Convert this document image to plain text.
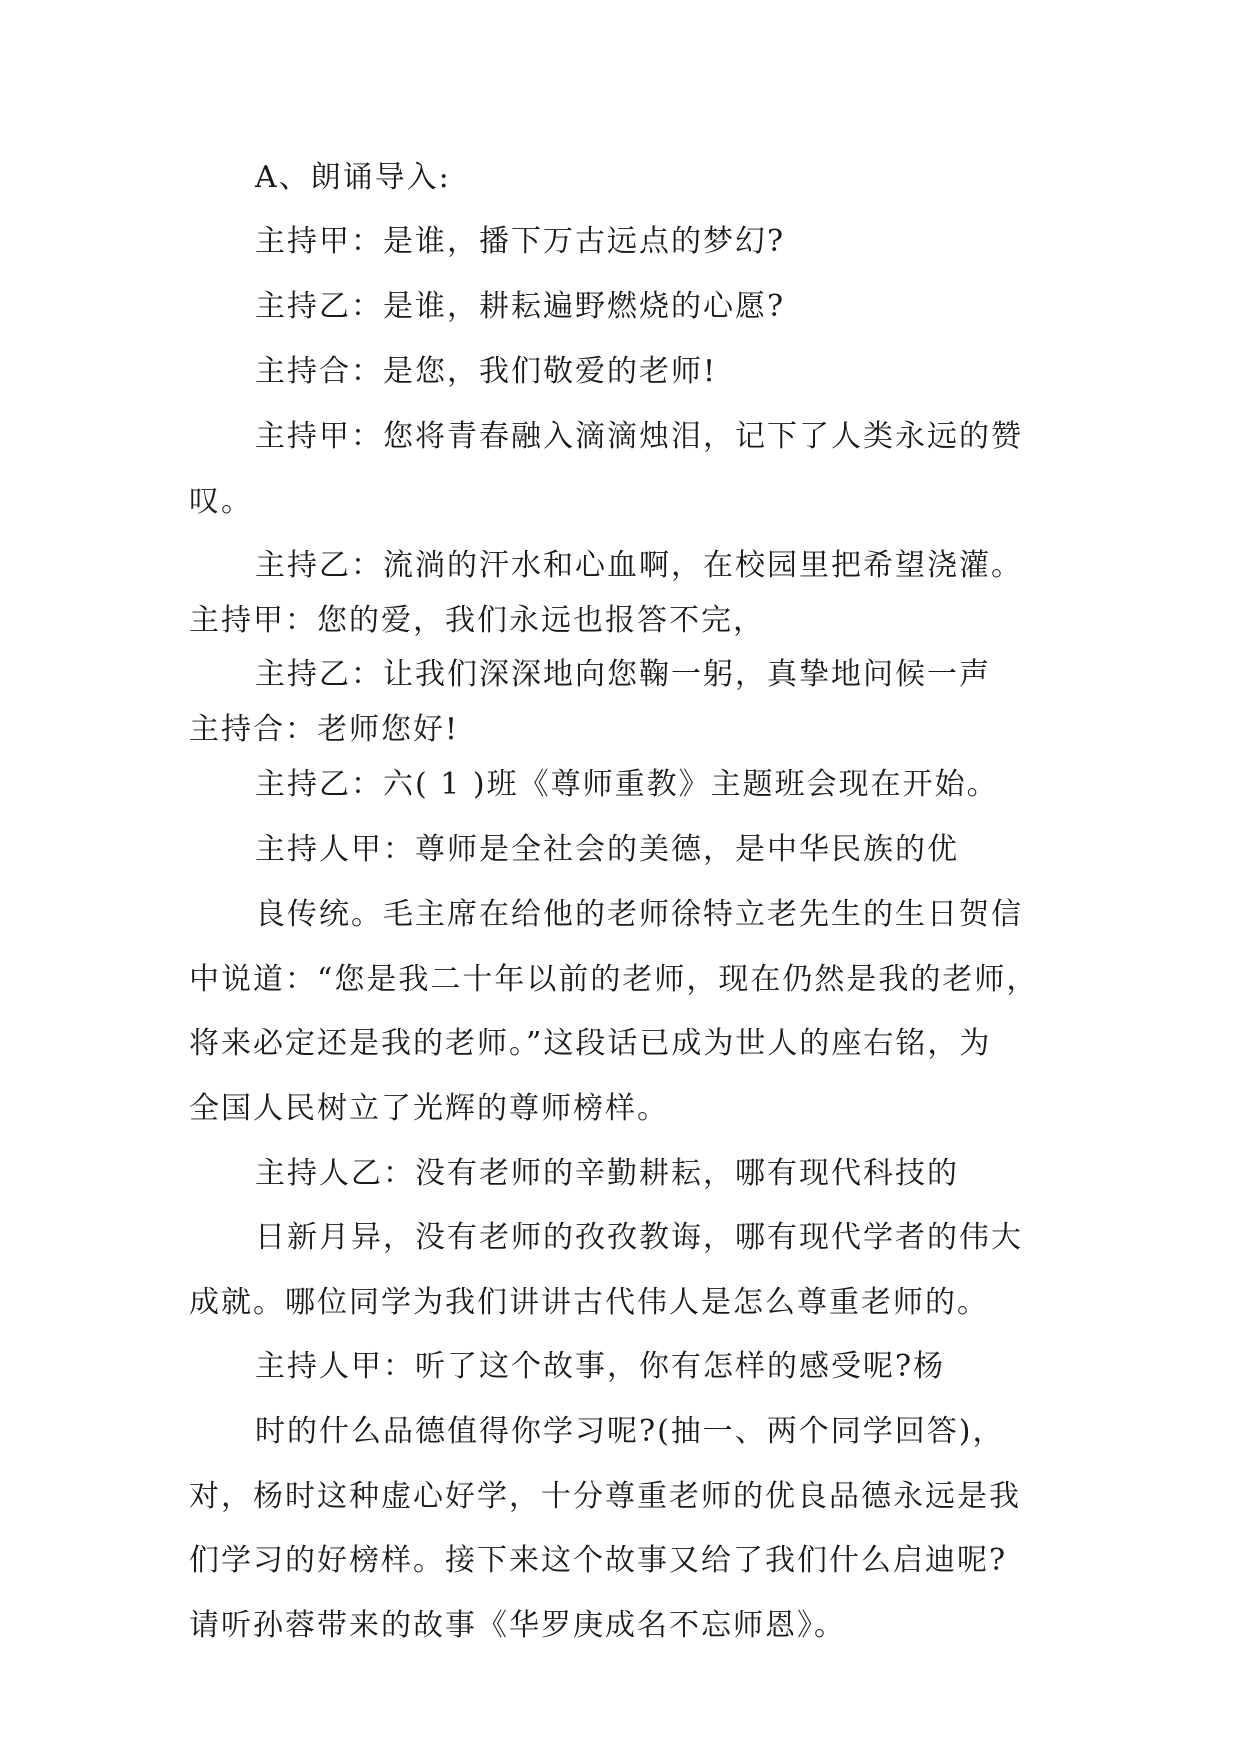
A、朗诵导入:
主持甲：是谁，播下万古远点的梦幻?
主持乙：是谁，耕耘遍野燃烧的心愿?
主持合：是您，我们敬爱的老师!
主持甲：您将青春融入滴滴烛泪，记下了人类永远的赞
叹。
主持乙：流淌的汗水和心血啊，在校园里把希望浇灌。
主持甲：您的爱，我们永远也报答不完，
主持乙：让我们深深地向您鞠一躬，真挚地问候一声
主持合：老师您好!
主持乙：六( 1 )班《尊师重教》主题班会现在开始。
主持人甲：尊师是全社会的美德，是中华民族的优
良传统。毛主席在给他的老师徐特立老先生的生日贺信
中说道：“您是我二十年以前的老师，现在仍然是我的老师，
将来必定还是我的老师。”这段话已成为世人的座右铭，为
全国人民树立了光辉的尊师榜样。
主持人乙：没有老师的辛勤耕耘，哪有现代科技的
日新月异，没有老师的孜孜教诲，哪有现代学者的伟大
成就。哪位同学为我们讲讲古代伟人是怎么尊重老师的。
主持人甲：听了这个故事，你有怎样的感受呢?杨
时的什么品德值得你学习呢?(抽一、两个同学回答)，
对，杨时这种虚心好学，十分尊重老师的优良品德永远是我
们学习的好榜样。接下来这个故事又给了我们什么启迪呢?
请听孙蓉带来的故事《华罗庚成名不忘师恩》。
